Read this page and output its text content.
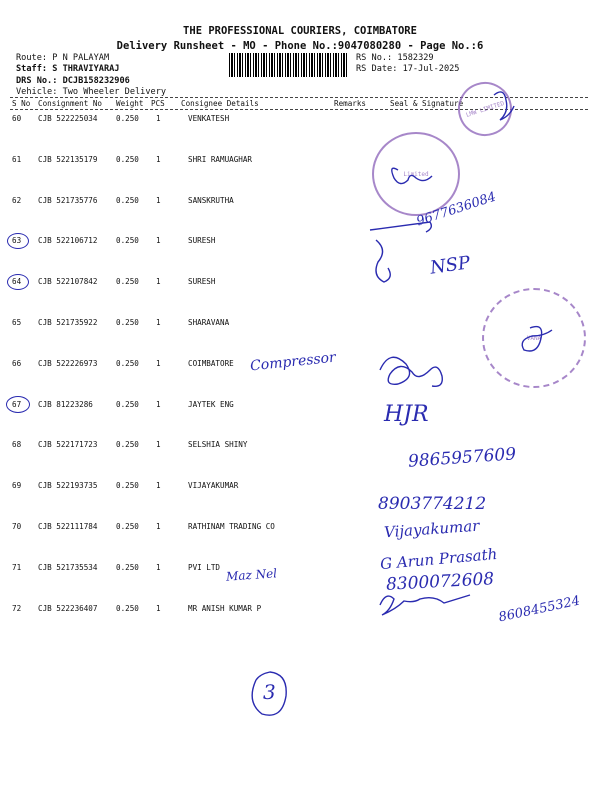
THE PROFESSIONAL COURIERS, COIMBATORE
Delivery Runsheet - MO - Phone No.:9047080280 - Page No.:6
Route: P N PALAYAM
Staff: S THRAVIYARAJ
DRS No.: DCJB158232906
Vehicle: Two Wheeler Delivery
RS No.: 1582329
RS Date: 17-Jul-2025
S No Consignment No Weight PCS Consignee Details	Remarks	Seal & Signature
60 CJB 522225034 0.250 1	VENKATESH
61 CJB 522135179 0.250 1	SHRI RAMUAGHAR
62 CJB 521735776 0.250 1	SANSKRUTHA
63 CJB 522106712 0.250 1	SURESH
64 CJB 522107842 0.250 1	SURESH
65 CJB 521735922 0.250 1	SHARAVANA
66 CJB 522226973 0.250 1	COIMBATORE
67 CJB 81223286	0.250 1	JAYTEK ENG
68 CJB 522171723 0.250 1	SELSHIA SHINY
69 CJB 522193735 0.250 1	VIJAYAKUMAR
70 CJB 522111784 0.250 1	RATHINAM TRADING CO
71 CJB 521735534 0.250 1	PVI LTD
72 CJB 522236407 0.250 1	MR ANISH KUMAR P
LMW LIMITED
Limited
VANA
Compressor
Maz Nel
NSP
9677636084
HJR
9865957609
8903774212
Vijayakumar
G Arun Prasath
8300072608
8608455324
3
